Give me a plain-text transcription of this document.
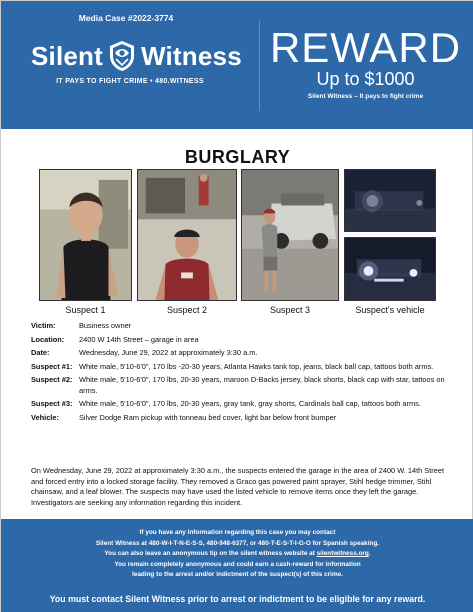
Media Case #2022-3774
Silent Witness
IT PAYS TO FIGHT CRIME • 480.WITNESS
REWARD
Up to $1000
Silent Witness – It pays to fight crime
BURGLARY
Suspect 1	Suspect 2	Suspect 3	Suspect's vehicle
Victim:	Business owner
Location:	2400 W 14th Street – garage in area
Date:	Wednesday, June 29, 2022 at approximately 3:30 a.m.
Suspect #1: White male, 5'10-6'0", 170 lbs -20-30 years, Atlanta Hawks tank top, jeans, black ball cap, tattoos both arms.
Suspect #2: White male, 5'10-6'0", 170 lbs, 20-30 years, maroon D-Backs jersey, black shorts, black cap with star, tattoos on arms.
Suspect #3: White male, 5'10-6'0", 170 lbs, 20-30 years, gray tank, gray shorts, Cardinals ball cap, tattoos both arms.
Vehicle:	Silver Dodge Ram pickup with tonneau bed cover, light bar below front bumper
On Wednesday, June 29, 2022 at approximately 3:30 a.m., the suspects entered the garage in the area of 2400 W. 14th Street and forced entry into a locked storage facility. They removed a Graco gas powered paint sprayer, Stihl hedge trimmer, Stihl chainsaw, and a leaf blower. The suspects may have used the listed vehicle to remove items once they left the garage. Investigators are seeking any information regarding this incident.
If you have any information regarding this case you may contact
Silent Witness at 480-W-I-T-N-E-S-S, 480-948-6377, or 480-T-E-S-T-I-G-O for Spanish speaking.
You can also leave an anonymous tip on the silent witness website at silentwitness.org.
You remain completely anonymous and could earn a cash-reward for information
leading to the arrest and/or indictment of the suspect(s) of this crime.
You must contact Silent Witness prior to arrest or indictment to be eligible for any reward.
